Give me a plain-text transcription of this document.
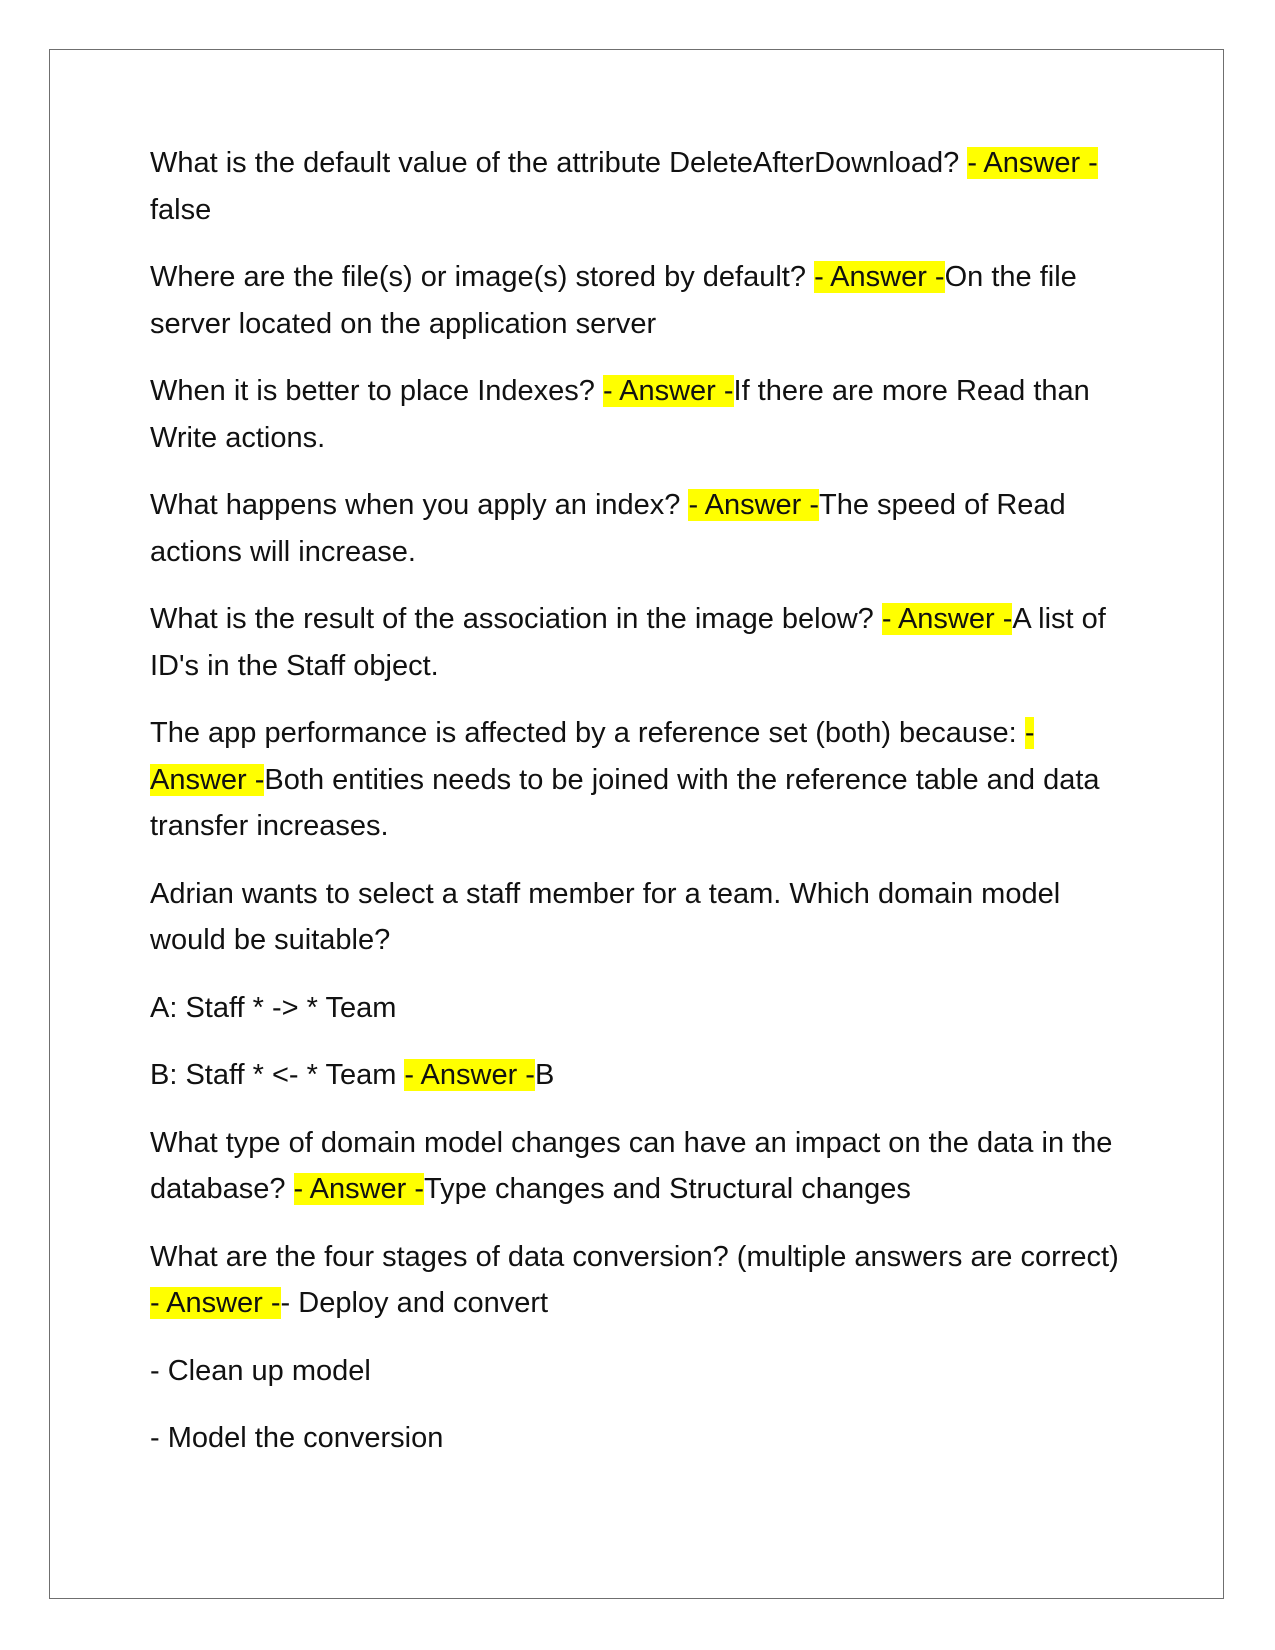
What is the default value of the attribute DeleteAfterDownload? - Answer -false

Where are the file(s) or image(s) stored by default? - Answer -On the file server located on the application server

When it is better to place Indexes? - Answer -If there are more Read than Write actions.

What happens when you apply an index? - Answer -The speed of Read actions will increase.

What is the result of the association in the image below? - Answer -A list of ID's in the Staff object.

The app performance is affected by a reference set (both) because: - Answer -Both entities needs to be joined with the reference table and data transfer increases.

Adrian wants to select a staff member for a team. Which domain model would be suitable?

A: Staff * -> * Team

B: Staff * <- * Team - Answer -B

What type of domain model changes can have an impact on the data in the database? - Answer -Type changes and Structural changes

What are the four stages of data conversion? (multiple answers are correct) - Answer -- Deploy and convert

- Clean up model

- Model the conversion
